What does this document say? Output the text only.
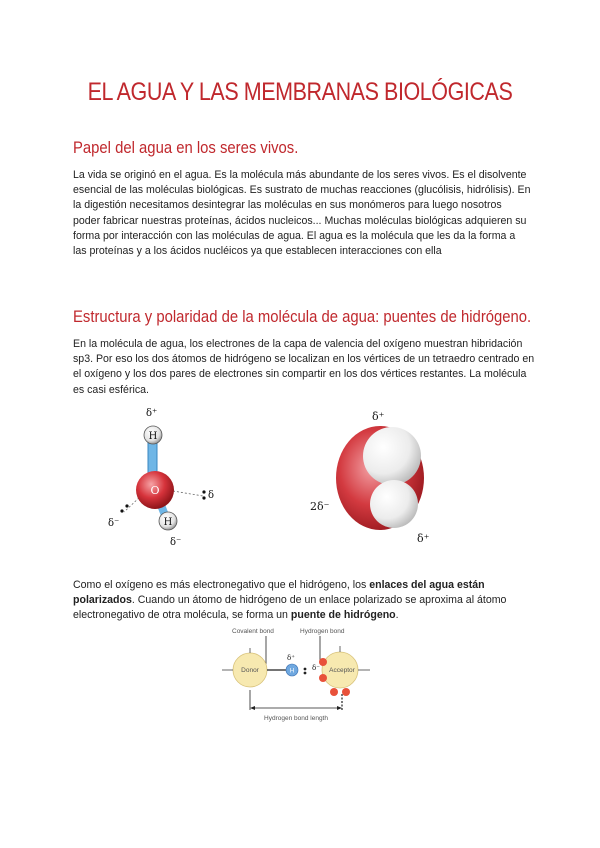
EL AGUA Y LAS MEMBRANAS BIOLÓGICAS
Papel del agua en los seres vivos.
La vida se originó en el agua. Es la molécula más abundante de los seres vivos. Es el disolvente esencial de las moléculas biológicas. Es sustrato de muchas reacciones (glucólisis, hidrólisis). En la digestión necesitamos desintegrar las moléculas en sus monómeros para luego nosotros poder fabricar nuestras proteínas, ácidos nucleicos... Muchas moléculas biológicas adquieren su forma por interacción con las moléculas de agua. El agua es la molécula que les da la forma a las proteínas y a los ácidos nucléicos ya que establecen interacciones con ella
Estructura y polaridad de la molécula de agua: puentes de hidrógeno.
En la molécula de agua, los electrones de la capa de valencia del oxígeno muestran hibridación sp3. Por eso los dos átomos de hidrógeno se localizan en los vértices de un tetraedro centrado en el oxígeno y los dos pares de electrones sin compartir en los dos vértices restantes. La molécula es casi esférica.
O
H
H
δ⁺
δ
δ⁻
δ⁻
δ⁺
2δ⁻
δ⁺
Como el oxígeno es más electronegativo que el hidrógeno, los enlaces del agua están polarizados. Cuando un átomo de hidrógeno de un enlace polarizado se aproxima al átomo electronegativo de otra molécula, se forma un puente de hidrógeno.
Covalent bond	Hydrogen bond
Donor	H
δ⁺
δ⁻ Acceptor
Hydrogen bond length
